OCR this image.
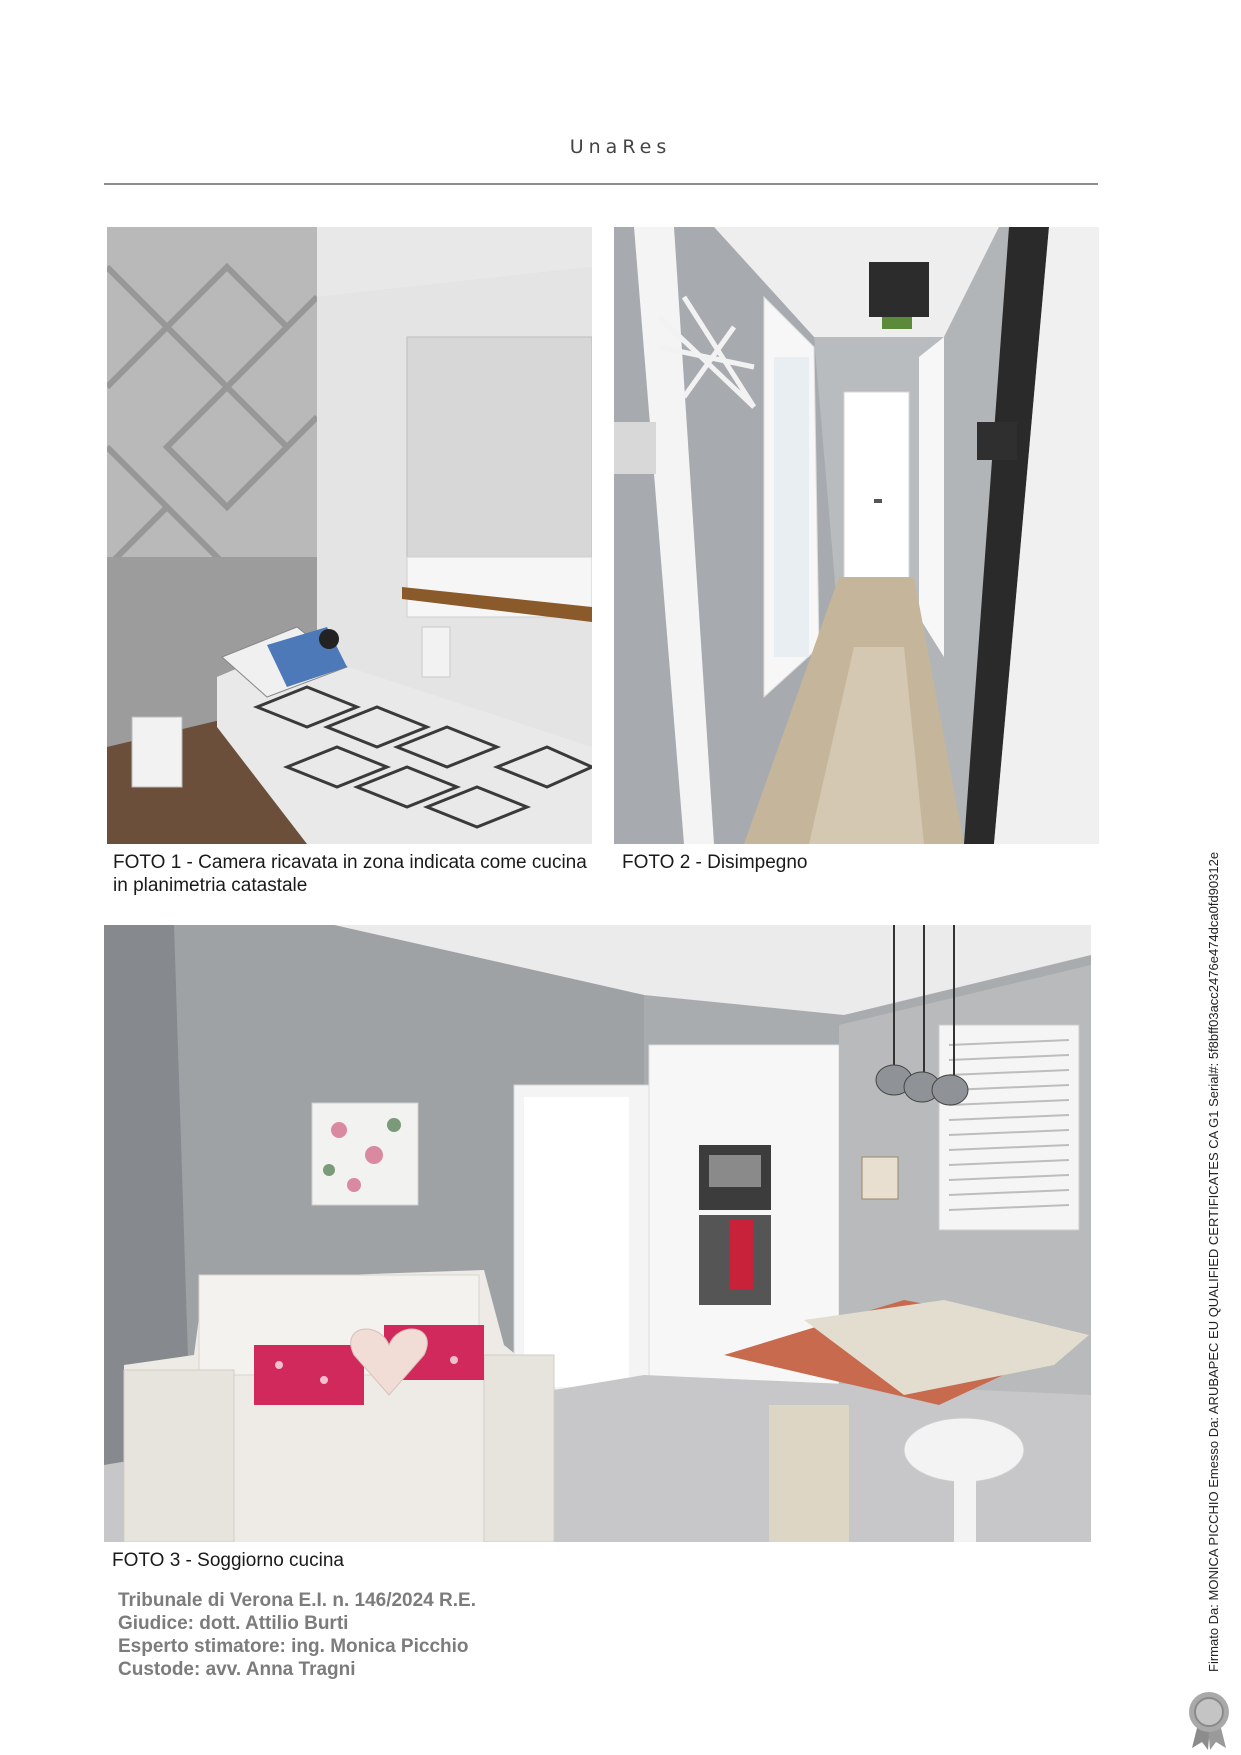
UnaRes
FOTO 1 - Camera ricavata in zona indicata come cucina in planimetria catastale
FOTO 2 - Disimpegno
FOTO 3 - Soggiorno cucina
Tribunale di Verona E.I. n. 146/2024 R.E.
Giudice: dott. Attilio Burti
Esperto stimatore: ing. Monica Picchio
Custode: avv. Anna Tragni	Firmato Da: MONICA PICCHIO Emesso Da: ARUBAPEC EU QUALIFIED CERTIFICATES CA G1 Serial#: 5f8bff03acc2476e474dca0fd90312e
